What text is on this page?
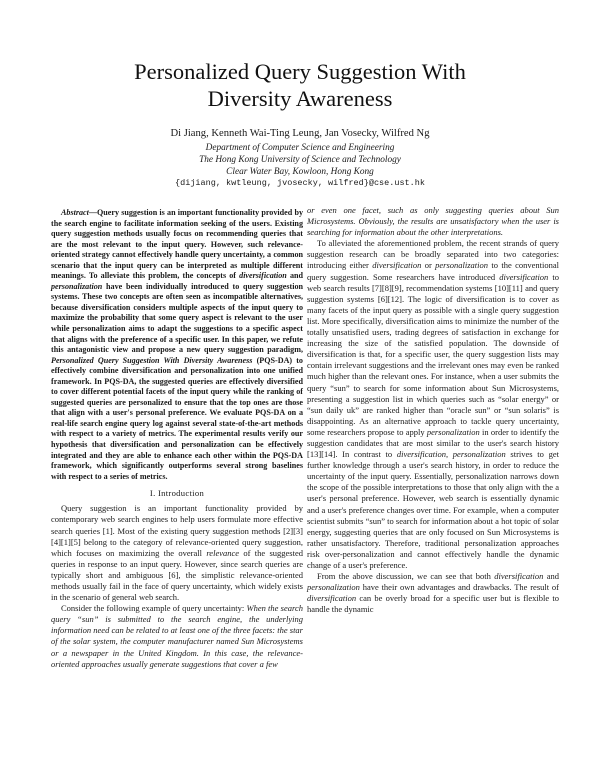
Personalized Query Suggestion With
Diversity Awareness
Di Jiang, Kenneth Wai-Ting Leung, Jan Vosecky, Wilfred Ng
Department of Computer Science and Engineering
The Hong Kong University of Science and Technology
Clear Water Bay, Kowloon, Hong Kong
{dijiang, kwtleung, jvosecky, wilfred}@cse.ust.hk

Abstract—Query suggestion is an important functionality provided by the search engine to facilitate information seeking of the users. Existing query suggestion methods usually focus on recommending queries that are the most relevant to the input query. However, such relevance-oriented strategy cannot effectively handle query uncertainty, a common scenario that the input query can be interpreted as multiple different meanings. To alleviate this problem, the concepts of diversification and personalization have been individually introduced to query suggestion systems. These two concepts are often seen as incompatible alternatives, because diversification considers multiple aspects of the input query to maximize the probability that some query aspect is relevant to the user while personalization aims to adapt the suggestions to a specific aspect that aligns with the preference of a specific user. In this paper, we refute this antagonistic view and propose a new query suggestion paradigm, Personalized Query Suggestion With Diversity Awareness (PQS-DA) to effectively combine diversification and personalization into one unified framework. In PQS-DA, the suggested queries are effectively diversified to cover different potential facets of the input query while the ranking of suggested queries are personalized to ensure that the top ones are those that align with a user's personal preference. We evaluate PQS-DA on a real-life search engine query log against several state-of-the-art methods with respect to a variety of metrics. The experimental results verify our hypothesis that diversification and personalization can be effectively integrated and they are able to enhance each other within the PQS-DA framework, which significantly outperforms several strong baselines with respect to a series of metrics.

I. Introduction

Query suggestion is an important functionality provided by contemporary web search engines to help users formulate more effective search queries [1]. Most of the existing query suggestion methods [2][3][4][1][5] belong to the category of relevance-oriented query suggestion, which focuses on maximizing the overall relevance of the suggested queries in response to an input query. However, since search queries are typically short and ambiguous [6], the simplistic relevance-oriented methods usually fail in the face of query uncertainty, which widely exists in the scenario of general web search.

Consider the following example of query uncertainty: When the search query “sun” is submitted to the search engine, the underlying information need can be related to at least one of the three facets: the star of the solar system, the computer manufacturer named Sun Microsystems or a newspaper in the United Kingdom. In this case, the relevance-oriented approaches usually generate suggestions that cover a few

or even one facet, such as only suggesting queries about Sun Microsystems. Obviously, the results are unsatisfactory when the user is searching for information about the other interpretations.

To alleviated the aforementioned problem, the recent strands of query suggestion research can be broadly separated into two categories: introducing either diversification or personalization to the conventional query suggestion. Some researchers have introduced diversification to web search results [7][8][9], recommendation systems [10][11] and query suggestion systems [6][12]. The logic of diversification is to cover as many facets of the input query as possible with a single query suggestion list. More specifically, diversification aims to minimize the number of the totally unsatisfied users, trading degrees of satisfaction in exchange for increasing the size of the satisfied population. The downside of diversification is that, for a specific user, the query suggestion lists may contain irrelevant suggestions and the irrelevant ones may even be ranked much higher than the relevant ones. For instance, when a user submits the query “sun” to search for some information about Sun Microsystems, presenting a suggestion list in which queries such as “solar energy” or “sun daily uk” are ranked higher than “oracle sun” or “sun solaris” is disappointing. As an alternative approach to tackle query uncertainty, some researchers propose to apply personalization in order to identify the suggestion candidates that are most similar to the user's search history [13][14]. In contrast to diversification, personalization strives to get further knowledge through a user's search history, in order to reduce the uncertainty of the input query. Essentially, personalization narrows down the scope of the possible interpretations to those that only align with the a user's personal preference. However, web search is essentially dynamic and a user's preference changes over time. For example, when a computer scientist submits “sun” to search for information about a hot topic of solar energy, suggesting queries that are only focused on Sun Microsystems is rather unsatisfactory. Therefore, traditional personalization approaches risk over-personalization and cannot effectively handle the dynamic change of a user's preference.

From the above discussion, we can see that both diversification and personalization have their own advantages and drawbacks. The result of diversification can be overly broad for a specific user but is flexible to handle the dynamic
